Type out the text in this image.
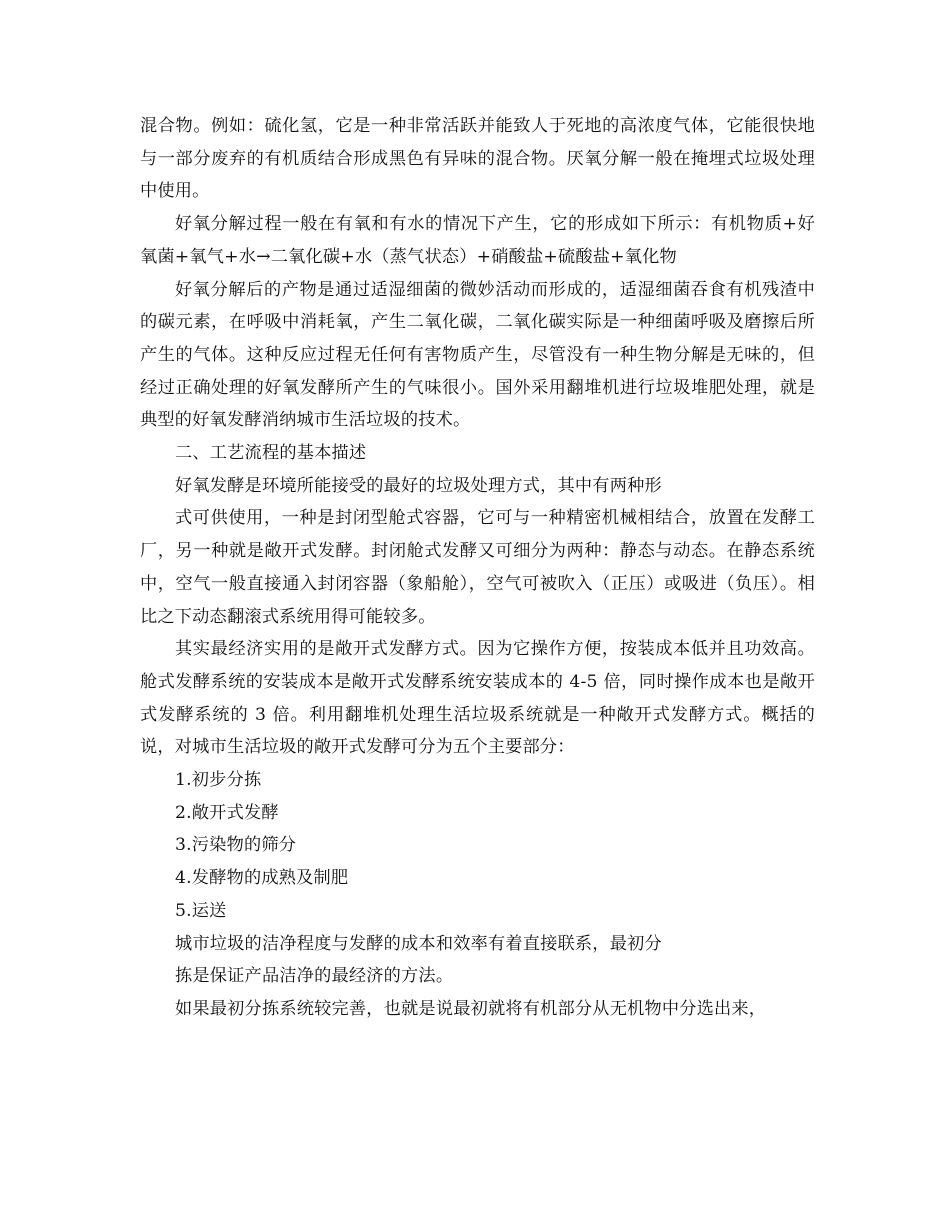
混合物。例如：硫化氢，它是一种非常活跃并能致人于死地的高浓度气体，它能很快地与一部分废弃的有机质结合形成黑色有异味的混合物。厌氧分解一般在掩埋式垃圾处理中使用。

好氧分解过程一般在有氧和有水的情况下产生，它的形成如下所示：有机物质+好氧菌+氧气+水→二氧化碳+水（蒸气状态）+硝酸盐+硫酸盐+氧化物

好氧分解后的产物是通过适湿细菌的微妙活动而形成的，适湿细菌吞食有机残渣中的碳元素，在呼吸中消耗氧，产生二氧化碳，二氧化碳实际是一种细菌呼吸及磨擦后所产生的气体。这种反应过程无任何有害物质产生，尽管没有一种生物分解是无味的，但经过正确处理的好氧发酵所产生的气味很小。国外采用翻堆机进行垃圾堆肥处理，就是典型的好氧发酵消纳城市生活垃圾的技术。

二、工艺流程的基本描述

好氧发酵是环境所能接受的最好的垃圾处理方式，其中有两种形

式可供使用，一种是封闭型舱式容器，它可与一种精密机械相结合，放置在发酵工厂，另一种就是敞开式发酵。封闭舱式发酵又可细分为两种：静态与动态。在静态系统中，空气一般直接通入封闭容器（象船舱），空气可被吹入（正压）或吸进（负压）。相比之下动态翻滚式系统用得可能较多。

其实最经济实用的是敞开式发酵方式。因为它操作方便，按装成本低并且功效高。舱式发酵系统的安装成本是敞开式发酵系统安装成本的 4-5 倍，同时操作成本也是敞开式发酵系统的 3 倍。利用翻堆机处理生活垃圾系统就是一种敞开式发酵方式。概括的说，对城市生活垃圾的敞开式发酵可分为五个主要部分：

1.初步分拣

2.敞开式发酵

3.污染物的筛分

4.发酵物的成熟及制肥

5.运送

城市垃圾的洁净程度与发酵的成本和效率有着直接联系，最初分

拣是保证产品洁净的最经济的方法。

如果最初分拣系统较完善，也就是说最初就将有机部分从无机物中分选出来，
